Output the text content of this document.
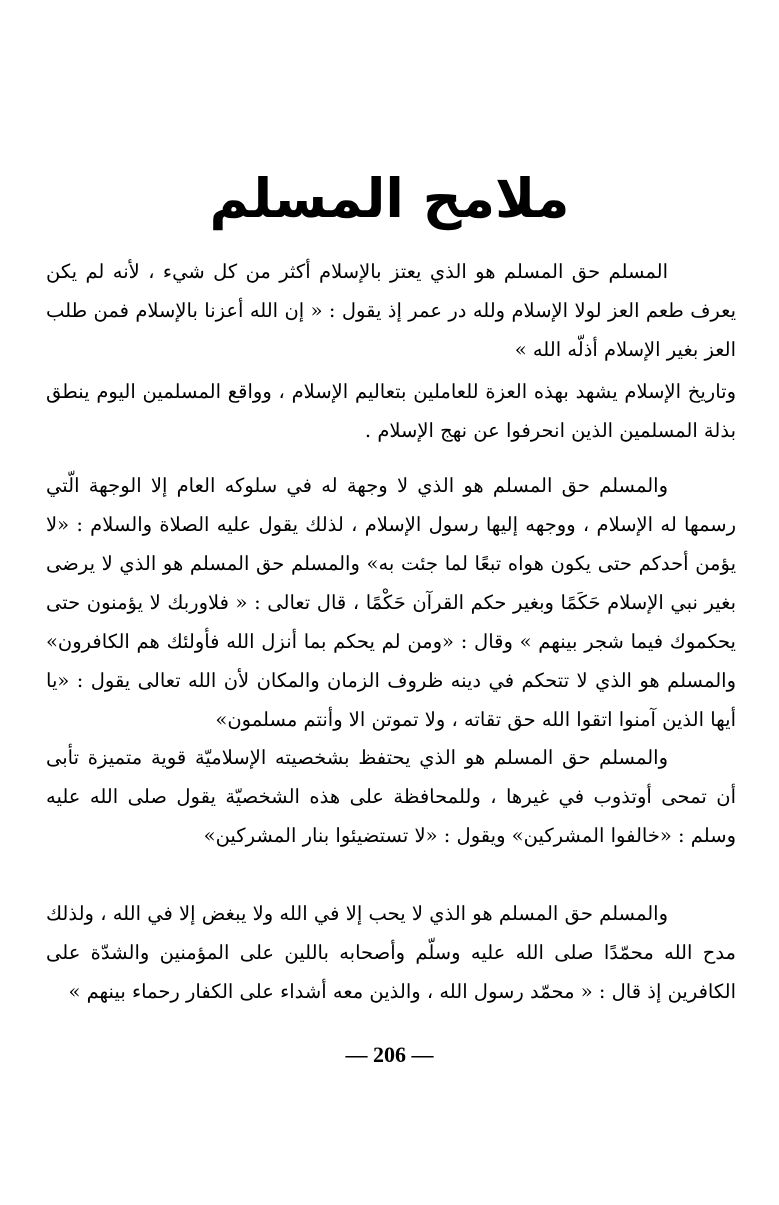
ملامح المسلم

المسلم حق المسلم هو الذي يعتز بالإسلام أكثر من كل شيء ، لأنه لم يكن يعرف طعم العز لولا الإسلام ولله در عمر إذ يقول : « إن الله أعزنا بالإسلام فمن طلب العز بغير الإسلام أذلّه الله »

وتاريخ الإسلام يشهد بهذه العزة للعاملين بتعاليم الإسلام ، وواقع المسلمين اليوم ينطق بذلة المسلمين الذين انحرفوا عن نهج الإسلام .

والمسلم حق المسلم هو الذي لا وجهة له في سلوكه العام إلا الوجهة الّتي رسمها له الإسلام ، ووجهه إليها رسول الإسلام ، لذلك يقول عليه الصلاة والسلام : «لا يؤمن أحدكم حتى يكون هواه تبعًا لما جئت به» والمسلم حق المسلم هو الذي لا يرضى بغير نبي الإسلام حَكَمًا وبغير حكم القرآن حَكْمًا ، قال تعالى : « فلاوربك لا يؤمنون حتى يحكموك فيما شجر بينهم » وقال : «ومن لم يحكم بما أنزل الله فأولئك هم الكافرون» والمسلم هو الذي لا تتحكم في دينه ظروف الزمان والمكان لأن الله تعالى يقول : «يا أيها الذين آمنوا اتقوا الله حق تقاته ، ولا تموتن الا وأنتم مسلمون»

والمسلم حق المسلم هو الذي يحتفظ بشخصيته الإسلاميّة قوية متميزة تأبى أن تمحى أوتذوب في غيرها ، وللمحافظة على هذه الشخصيّة يقول صلى الله عليه وسلم : «خالفوا المشركين» ويقول : «لا تستضيئوا بنار المشركين»

والمسلم حق المسلم هو الذي لا يحب إلا في الله ولا يبغض إلا في الله ، ولذلك مدح الله محمّدًا صلى الله عليه وسلّم وأصحابه باللين على المؤمنين والشدّة على الكافرين إذ قال : « محمّد رسول الله ، والذين معه أشداء على الكفار رحماء بينهم »

— 206 —
